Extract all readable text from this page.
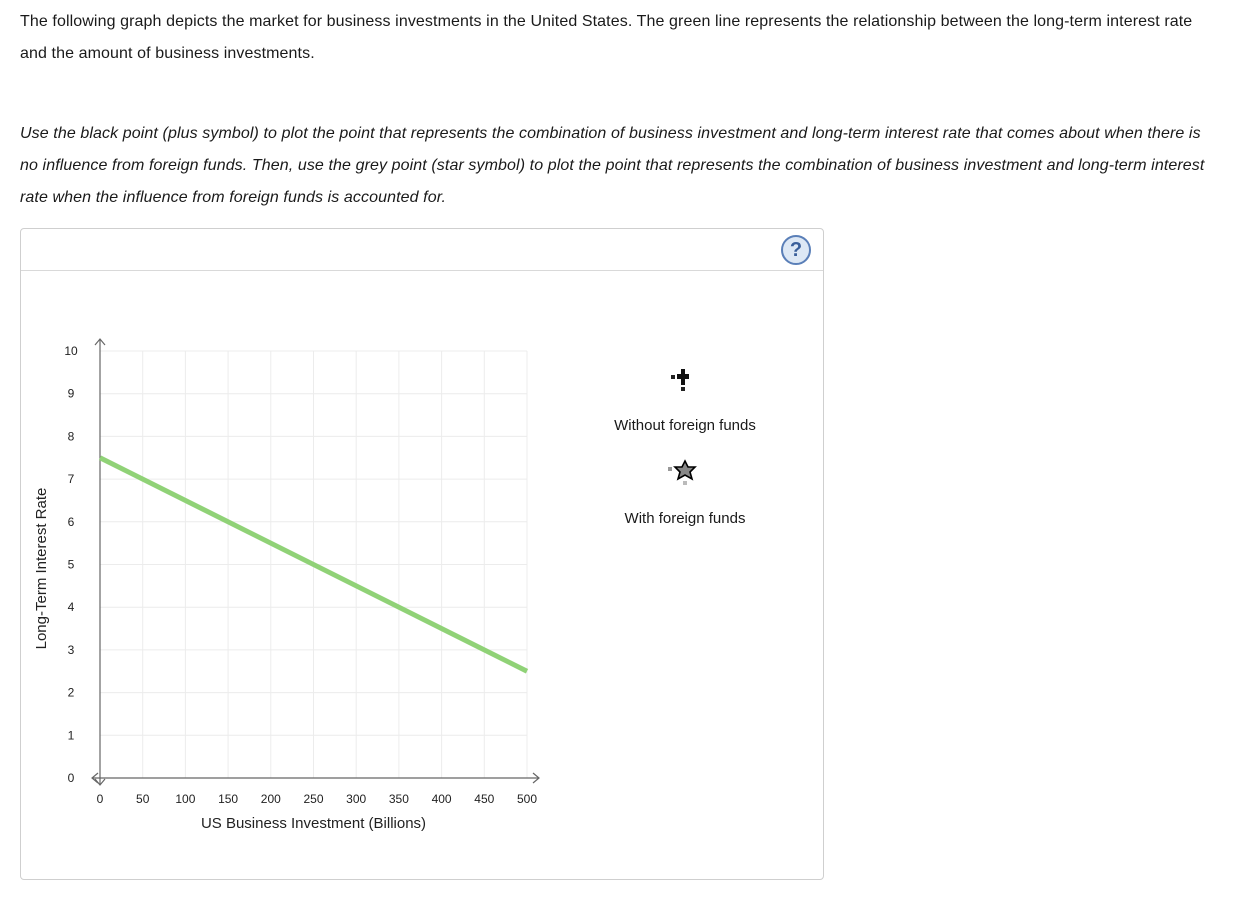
The following graph depicts the market for business investments in the United States. The green line represents the relationship between the long-term interest rate and the amount of business investments.

Use the black point (plus symbol) to plot the point that represents the combination of business investment and long-term interest rate that comes about when there is no influence from foreign funds. Then, use the grey point (star symbol) to plot the point that represents the combination of business investment and long-term interest rate when the influence from foreign funds is accounted for.

?
0	50 100 150 200 250 300 350 400 450 500
0
1
2
3
4
5
6
7
8
9
10
US Business Investment (Billions)
Long-Term Interest Rate
Without foreign funds
With foreign funds
